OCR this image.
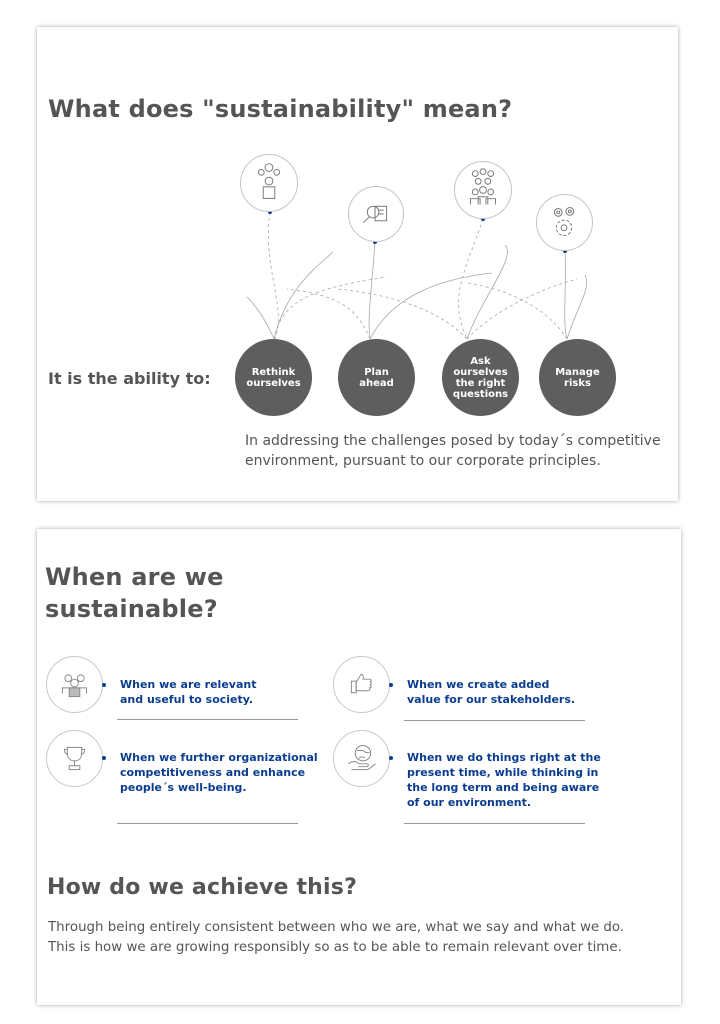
What does "sustainability" mean?
It is the ability to:	Rethink
ourselves
Plan
ahead
Ask
ourselves
the right
questions
Manage
risks
In addressing the challenges posed by today´s competitive environment, pursuant to our corporate principles.
When are we
sustainable?
When we are relevant
and useful to society.
When we create added
value for our stakeholders.
When we further organizational
competitiveness and enhance
people´s well-being.
When we do things right at the
present time, while thinking in
the long term and being aware
of our environment.
How do we achieve this?
Through being entirely consistent between who we are, what we say and what we do.
This is how we are growing responsibly so as to be able to remain relevant over time.
